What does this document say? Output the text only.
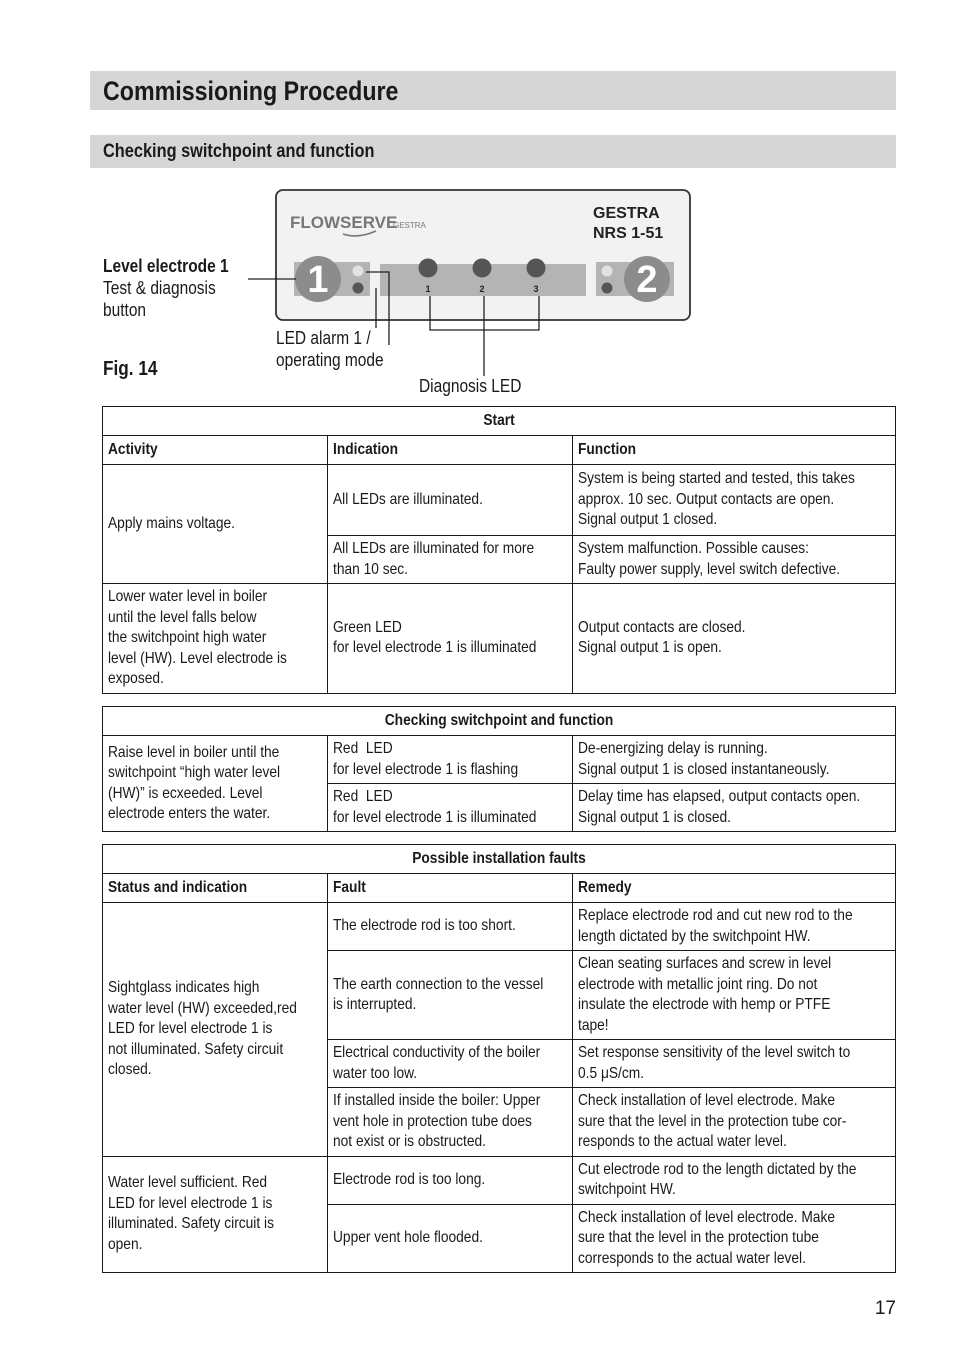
Commissioning Procedure
Checking switchpoint and function
FLOWSERVE
GESTRA
GESTRA
NRS 1-51
1	1	2	3	2
Level electrode 1
Test & diagnosis
button
LED alarm 1 /
operating mode
Diagnosis LED
Fig. 14
Start		

Activity	Indication	Function

Apply mains voltage.	All LEDs are illuminated.	System is being started and tested, this takes
approx. 10 sec. Output contacts are open.
Signal output 1 closed.

	All LEDs are illuminated for more
than 10 sec.	System malfunction. Possible causes:
Faulty power supply, level switch defective.

Lower water level in boiler
until the level falls below
the switchpoint high water
level (HW). Level electrode is
exposed.	Green LED
for level electrode 1 is illuminated	Output contacts are closed.
Signal output 1 is open.
Checking switchpoint and function		

Raise level in boiler until the
switchpoint “high water level
(HW)” is ecxeeded. Level
electrode enters the water.	Red  LED
for level electrode 1 is flashing	De-energizing delay is running.
Signal output 1 is closed instantaneously.

	Red  LED
for level electrode 1 is illuminated	Delay time has elapsed, output contacts open.
Signal output 1 is closed.
Possible installation faults		

Status and indication	Fault	Remedy

Sightglass indicates high
water level (HW) exceeded,red
LED for level electrode 1 is
not illuminated. Safety circuit
closed.	The electrode rod is too short.	Replace electrode rod and cut new rod to the
length dictated by the switchpoint HW.

	The earth connection to the vessel
is interrupted.	Clean seating surfaces and screw in level
electrode with metallic joint ring. Do not
insulate the electrode with hemp or PTFE
tape!

	Electrical conductivity of the boiler
water too low.	Set response sensitivity of the level switch to
0.5 μS/cm.

	If installed inside the boiler: Upper
vent hole in protection tube does
not exist or is obstructed.	Check installation of level electrode. Make
sure that the level in the protection tube cor-
responds to the actual water level.

Water level sufficient. Red
LED for level electrode 1 is
illuminated. Safety circuit is
open.	Electrode rod is too long.	Cut electrode rod to the length dictated by the
switchpoint HW.

	Upper vent hole flooded.	Check installation of level electrode. Make
sure that the level in the protection tube
corresponds to the actual water level.
17
